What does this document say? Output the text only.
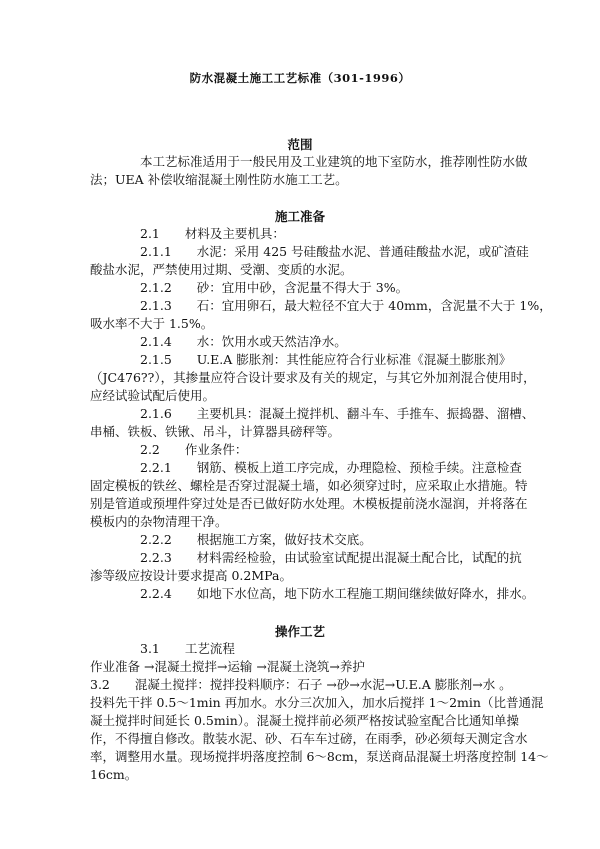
防水混凝土施工工艺标准（301-1996）
范围
本工艺标准适用于一般民用及工业建筑的地下室防水，推荐刚性防水做
法；UEA 补偿收缩混凝土刚性防水施工工艺。
施工准备
2.1　　材料及主要机具：
2.1.1　　水泥：采用 425 号硅酸盐水泥、普通硅酸盐水泥，或矿渣硅
酸盐水泥，严禁使用过期、受潮、变质的水泥。
2.1.2　　砂：宜用中砂，含泥量不得大于 3%。
2.1.3　　石：宜用卵石，最大粒径不宜大于 40mm，含泥量不大于 1%，
吸水率不大于 1.5%。
2.1.4　　水：饮用水或天然洁净水。
2.1.5　　U.E.A 膨胀剂：其性能应符合行业标准《混凝土膨胀剂》
（JC476??），其掺量应符合设计要求及有关的规定，与其它外加剂混合使用时，
应经试验试配后使用。
2.1.6　　主要机具：混凝土搅拌机、翻斗车、手推车、振捣器、溜槽、
串桶、铁板、铁锹、吊斗，计算器具磅秤等。
2.2　　作业条件：
2.2.1　　钢筋、模板上道工序完成，办理隐检、预检手续。注意检查
固定模板的铁丝、螺栓是否穿过混凝土墙，如必须穿过时，应采取止水措施。特
别是管道或预埋件穿过处是否已做好防水处理。木模板提前浇水湿润，并将落在
模板内的杂物清理干净。
2.2.2　　根据施工方案，做好技术交底。
2.2.3　　材料需经检验，由试验室试配提出混凝土配合比，试配的抗
渗等级应按设计要求提高 0.2MPa。
2.2.4　　如地下水位高，地下防水工程施工期间继续做好降水，排水。
操作工艺
3.1　　工艺流程
作业准备 →混凝土搅拌→运输 →混凝土浇筑→养护
3.2　　混凝土搅拌：搅拌投料顺序：石子 →砂→水泥→U.E.A 膨胀剂→水 。
投料先干拌 0.5～1min 再加水。水分三次加入，加水后搅拌 1～2min（比普通混
凝土搅拌时间延长 0.5min）。混凝土搅拌前必须严格按试验室配合比通知单操
作，不得擅自修改。散装水泥、砂、石车车过磅，在雨季，砂必须每天测定含水
率，调整用水量。现场搅拌坍落度控制 6～8cm，泵送商品混凝土坍落度控制 14～
16cm。
